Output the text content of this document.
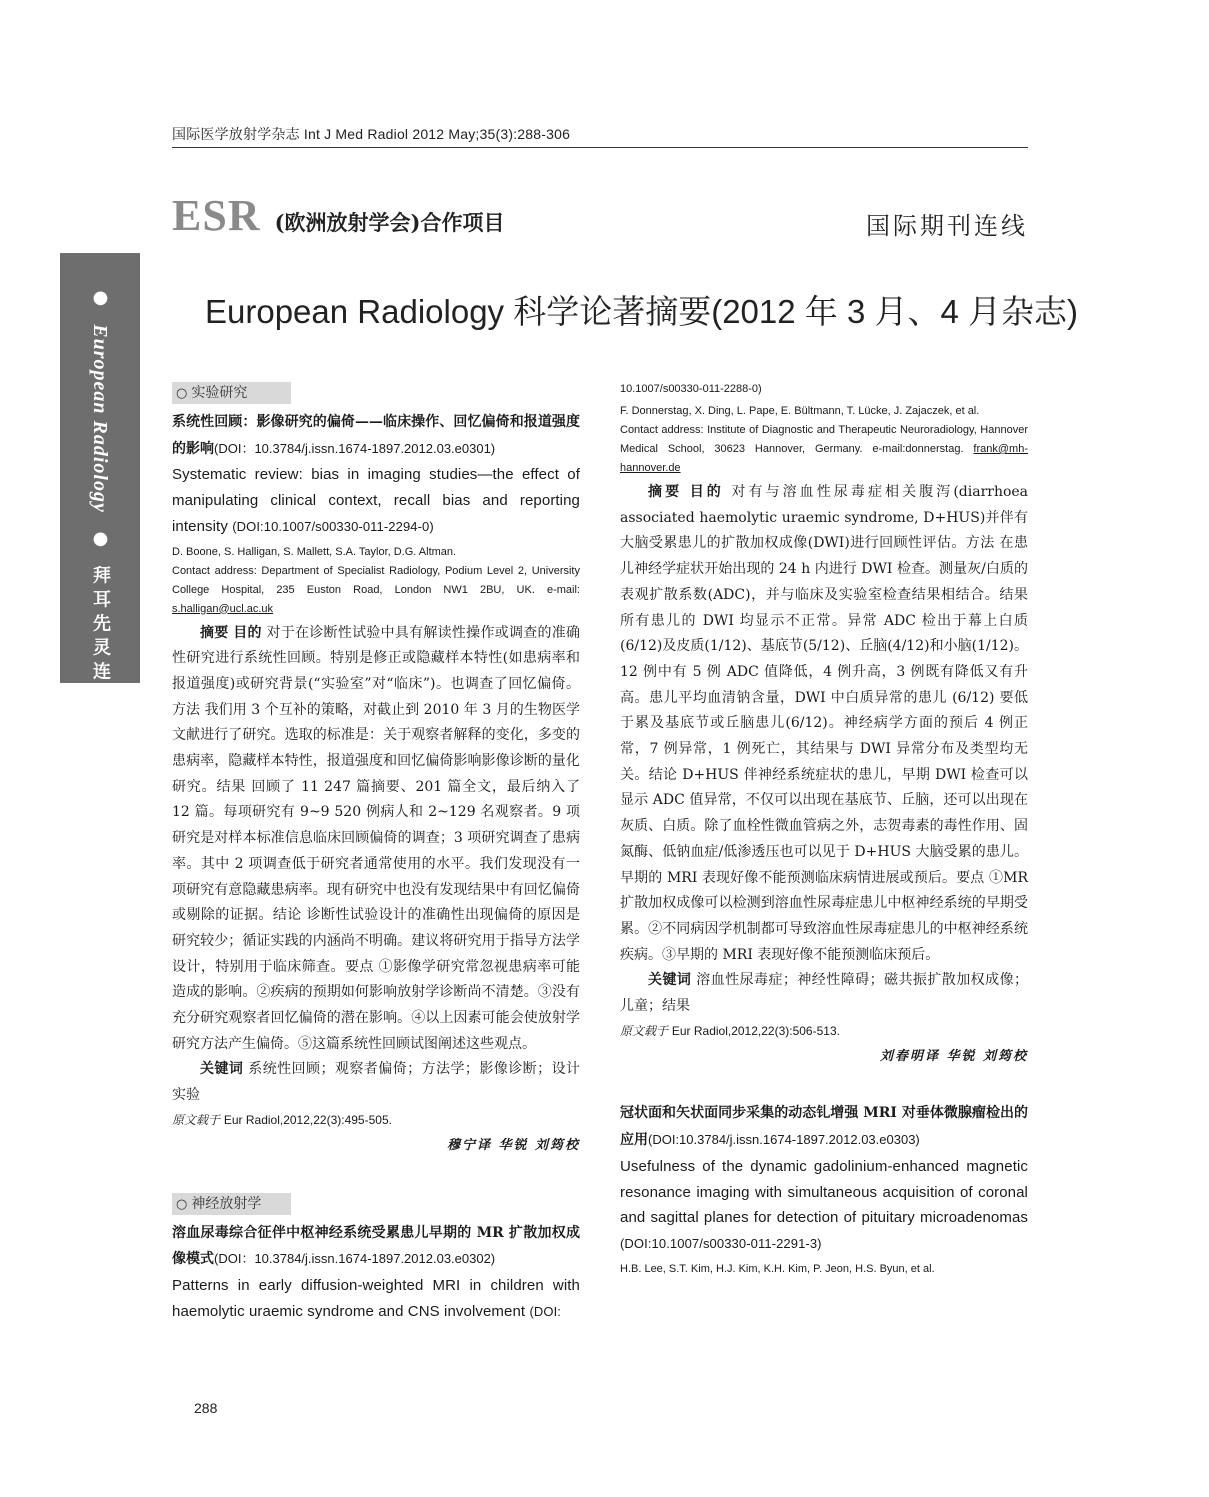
国际医学放射学杂志 Int J Med Radiol 2012 May;35(3):288-306
ESR (欧洲放射学会)合作项目	国际期刊连线
● European Radiology ● 拜耳先灵连线
European Radiology 科学论著摘要(2012 年 3 月、4 月杂志)
○ 实验研究
系统性回顾：影像研究的偏倚——临床操作、回忆偏倚和报道强度的影响(DOI：10.3784/j.issn.1674-1897.2012.03.e0301)
Systematic review: bias in imaging studies—the effect of manipulating clinical context, recall bias and reporting intensity (DOI:10.1007/s00330-011-2294-0)
D. Boone, S. Halligan, S. Mallett, S.A. Taylor, D.G. Altman.
Contact address: Department of Specialist Radiology, Podium Level 2, University College Hospital, 235 Euston Road, London NW1 2BU, UK. e-mail: s.halligan@ucl.ac.uk
摘要 目的 对于在诊断性试验中具有解读性操作或调查的准确性研究进行系统性回顾。特别是修正或隐藏样本特性(如患病率和报道强度)或研究背景(“实验室”对“临床”)。也调查了回忆偏倚。方法 我们用 3 个互补的策略，对截止到 2010 年 3 月的生物医学文献进行了研究。选取的标准是：关于观察者解释的变化，多变的患病率，隐藏样本特性，报道强度和回忆偏倚影响影像诊断的量化研究。结果 回顾了 11 247 篇摘要、201 篇全文，最后纳入了 12 篇。每项研究有 9~9 520 例病人和 2~129 名观察者。9 项研究是对样本标准信息临床回顾偏倚的调查；3 项研究调查了患病率。其中 2 项调查低于研究者通常使用的水平。我们发现没有一项研究有意隐藏患病率。现有研究中也没有发现结果中有回忆偏倚或剔除的证据。结论 诊断性试验设计的准确性出现偏倚的原因是研究较少；循证实践的内涵尚不明确。建议将研究用于指导方法学设计，特别用于临床筛查。要点 ①影像学研究常忽视患病率可能造成的影响。②疾病的预期如何影响放射学诊断尚不清楚。③没有充分研究观察者回忆偏倚的潜在影响。④以上因素可能会使放射学研究方法产生偏倚。⑤这篇系统性回顾试图阐述这些观点。
关键词 系统性回顾；观察者偏倚；方法学；影像诊断；设计实验
原文载于 Eur Radiol,2012,22(3):495-505.
穆宁译 华锐 刘筠校
○ 神经放射学
溶血尿毒综合征伴中枢神经系统受累患儿早期的 MR 扩散加权成像模式(DOI：10.3784/j.issn.1674-1897.2012.03.e0302)
Patterns in early diffusion-weighted MRI in children with haemolytic uraemic syndrome and CNS involvement (DOI:
10.1007/s00330-011-2288-0)
F. Donnerstag, X. Ding, L. Pape, E. Bültmann, T. Lücke, J. Zajaczek, et al.
Contact address: Institute of Diagnostic and Therapeutic Neuroradiology, Hannover Medical School, 30623 Hannover, Germany. e-mail:donnerstag. frank@mh-hannover.de
摘要 目的 对有与溶血性尿毒症相关腹泻(diarrhoea associated haemolytic uraemic syndrome, D+HUS)并伴有大脑受累患儿的扩散加权成像(DWI)进行回顾性评估。方法 在患儿神经学症状开始出现的 24 h 内进行 DWI 检查。测量灰/白质的表观扩散系数(ADC)，并与临床及实验室检查结果相结合。结果 所有患儿的 DWI 均显示不正常。异常 ADC 检出于幕上白质(6/12)及皮质(1/12)、基底节(5/12)、丘脑(4/12)和小脑(1/12)。12 例中有 5 例 ADC 值降低，4 例升高，3 例既有降低又有升高。患儿平均血清钠含量，DWI 中白质异常的患儿 (6/12) 要低于累及基底节或丘脑患儿(6/12)。神经病学方面的预后 4 例正常，7 例异常，1 例死亡，其结果与 DWI 异常分布及类型均无关。结论 D+HUS 伴神经系统症状的患儿，早期 DWI 检查可以显示 ADC 值异常，不仅可以出现在基底节、丘脑，还可以出现在灰质、白质。除了血栓性微血管病之外，志贺毒素的毒性作用、固氮酶、低钠血症/低渗透压也可以见于 D+HUS 大脑受累的患儿。早期的 MRI 表现好像不能预测临床病情进展或预后。要点 ①MR 扩散加权成像可以检测到溶血性尿毒症患儿中枢神经系统的早期受累。②不同病因学机制都可导致溶血性尿毒症患儿的中枢神经系统疾病。③早期的 MRI 表现好像不能预测临床预后。
关键词 溶血性尿毒症；神经性障碍；磁共振扩散加权成像；儿童；结果
原文载于 Eur Radiol,2012,22(3):506-513.
刘春明译 华锐 刘筠校
冠状面和矢状面同步采集的动态钆增强 MRI 对垂体微腺瘤检出的应用(DOI:10.3784/j.issn.1674-1897.2012.03.e0303)
Usefulness of the dynamic gadolinium-enhanced magnetic resonance imaging with simultaneous acquisition of coronal and sagittal planes for detection of pituitary microadenomas (DOI:10.1007/s00330-011-2291-3)
H.B. Lee, S.T. Kim, H.J. Kim, K.H. Kim, P. Jeon, H.S. Byun, et al.
288
